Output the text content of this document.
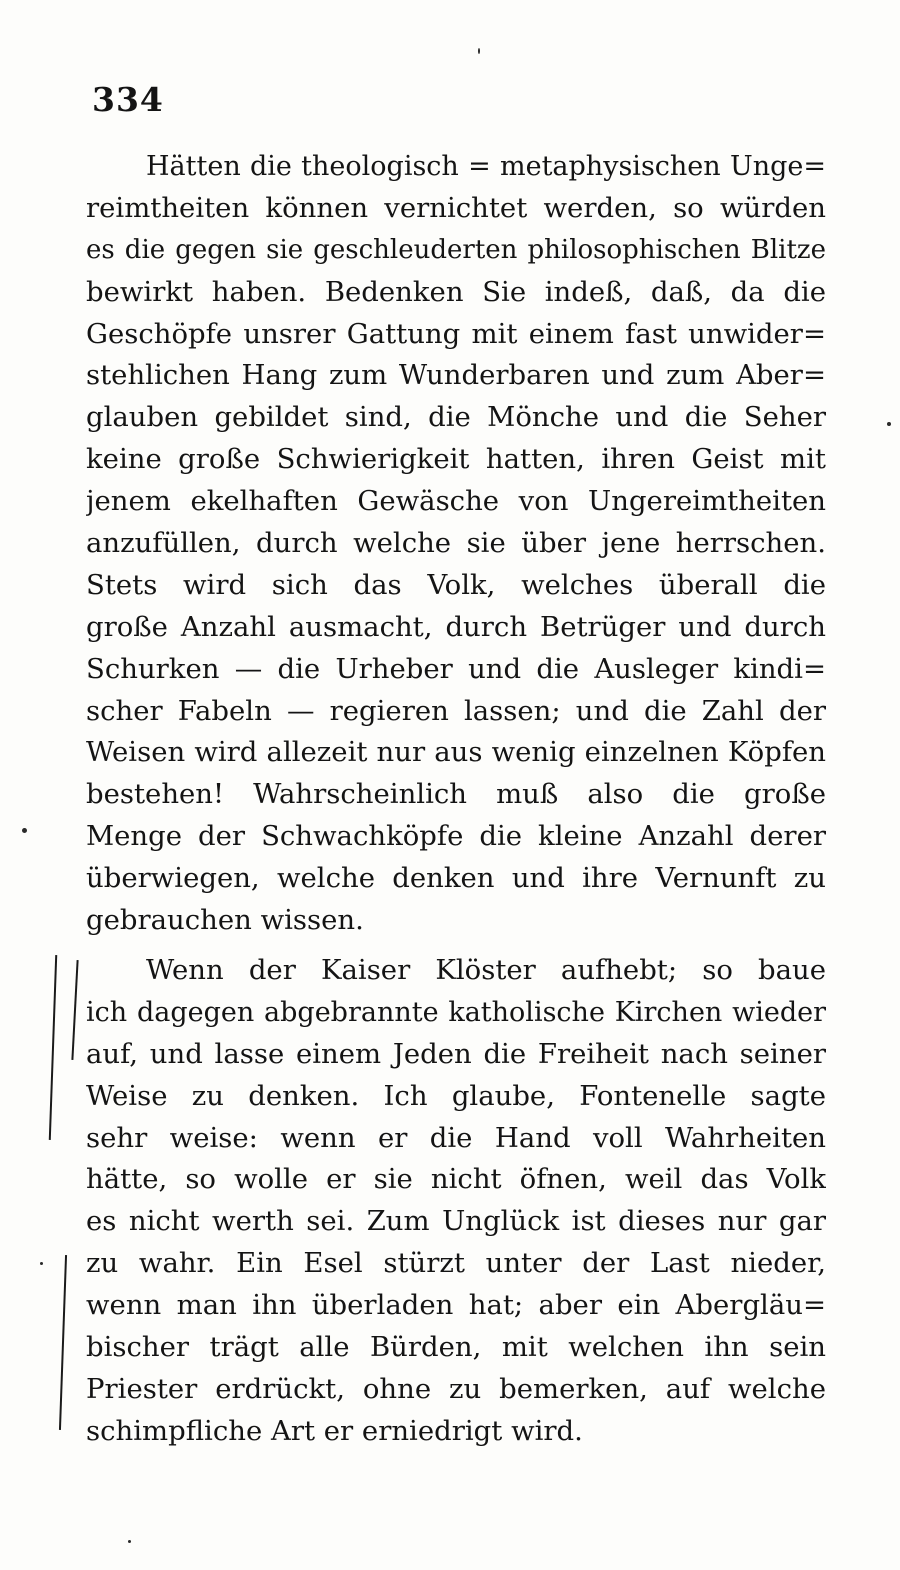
334
Hätten die theologisch = metaphysischen Unge=
reimtheiten können vernichtet werden, so würden
es die gegen sie geschleuderten philosophischen Blitze
bewirkt haben. Bedenken Sie indeß, daß, da die
Geschöpfe unsrer Gattung mit einem fast unwider=
stehlichen Hang zum Wunderbaren und zum Aber=
glauben gebildet sind, die Mönche und die Seher
keine große Schwierigkeit hatten, ihren Geist mit
jenem ekelhaften Gewäsche von Ungereimtheiten
anzufüllen, durch welche sie über jene herrschen.
Stets wird sich das Volk, welches überall die
große Anzahl ausmacht, durch Betrüger und durch
Schurken — die Urheber und die Ausleger kindi=
scher Fabeln — regieren lassen; und die Zahl der
Weisen wird allezeit nur aus wenig einzelnen Köpfen
bestehen! Wahrscheinlich muß also die große
Menge der Schwachköpfe die kleine Anzahl derer
überwiegen, welche denken und ihre Vernunft zu
gebrauchen wissen.
Wenn der Kaiser Klöster aufhebt; so baue
ich dagegen abgebrannte katholische Kirchen wieder
auf, und lasse einem Jeden die Freiheit nach seiner
Weise zu denken. Ich glaube, Fontenelle sagte
sehr weise: wenn er die Hand voll Wahrheiten
hätte, so wolle er sie nicht öfnen, weil das Volk
es nicht werth sei. Zum Unglück ist dieses nur gar
zu wahr. Ein Esel stürzt unter der Last nieder,
wenn man ihn überladen hat; aber ein Abergläu=
bischer trägt alle Bürden, mit welchen ihn sein
Priester erdrückt, ohne zu bemerken, auf welche
schimpfliche Art er erniedrigt wird.
